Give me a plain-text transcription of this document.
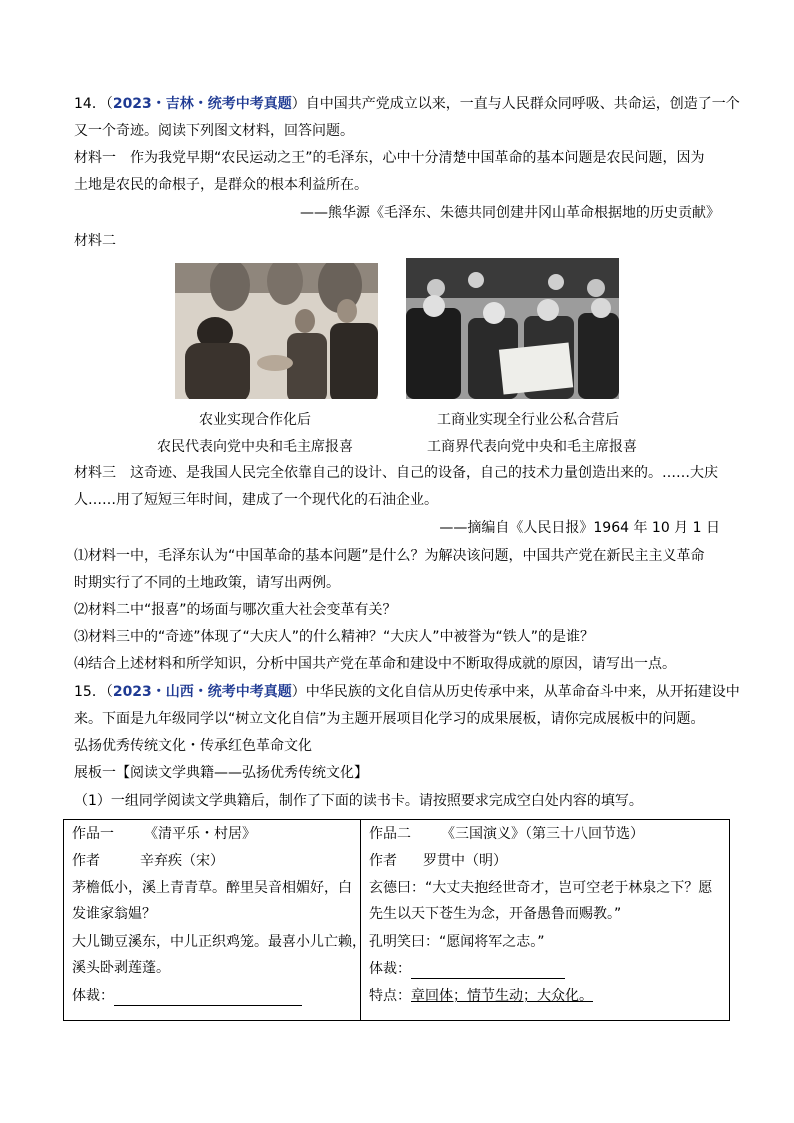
14．（2023・吉林・统考中考真题）自中国共产党成立以来，一直与人民群众同呼吸、共命运，创造了一个
又一个奇迹。阅读下列图文材料，回答问题。
材料一　作为我党早期“农民运动之王”的毛泽东，心中十分清楚中国革命的基本问题是农民问题，因为
土地是农民的命根子，是群众的根本利益所在。
——熊华源《毛泽东、朱德共同创建井冈山革命根据地的历史贡献》
材料二
农业实现合作化后
农民代表向党中央和毛主席报喜
工商业实现全行业公私合营后
工商界代表向党中央和毛主席报喜
材料三　这奇迹、是我国人民完全依靠自己的设计、自己的设备，自己的技术力量创造出来的。……大庆
人……用了短短三年时间，建成了一个现代化的石油企业。
——摘编自《人民日报》1964 年 10 月 1 日
⑴材料一中，毛泽东认为“中国革命的基本问题”是什么？为解决该问题，中国共产党在新民主主义革命
时期实行了不同的土地政策，请写出两例。
⑵材料二中“报喜”的场面与哪次重大社会变革有关？
⑶材料三中的“奇迹”体现了“大庆人”的什么精神？“大庆人”中被誉为“铁人”的是谁？
⑷结合上述材料和所学知识，分析中国共产党在革命和建设中不断取得成就的原因，请写出一点。
15．（2023・山西・统考中考真题）中华民族的文化自信从历史传承中来，从革命奋斗中来，从开拓建设中
来。下面是九年级同学以“树立文化自信”为主题开展项目化学习的成果展板，请你完成展板中的问题。
弘扬优秀传统文化・传承红色革命文化
展板一【阅读文学典籍——弘扬优秀传统文化】
（1）一组同学阅读文学典籍后，制作了下面的读书卡。请按照要求完成空白处内容的填写。
作品一 《清平乐・村居》
作者	辛弃疾（宋）
茅檐低小，溪上青青草。醉里吴音相媚好，白
发谁家翁媪？
大儿锄豆溪东，中儿正织鸡笼。最喜小儿亡赖，
溪头卧剥莲蓬。
体裁：
作品二 《三国演义》（第三十八回节选）
作者 罗贯中（明）
玄德曰：“大丈夫抱经世奇才，岂可空老于林泉之下？愿
先生以天下苍生为念，开备愚鲁而赐教。”
孔明笑曰：“愿闻将军之志。”
体裁：
特点：章回体；情节生动；大众化。
